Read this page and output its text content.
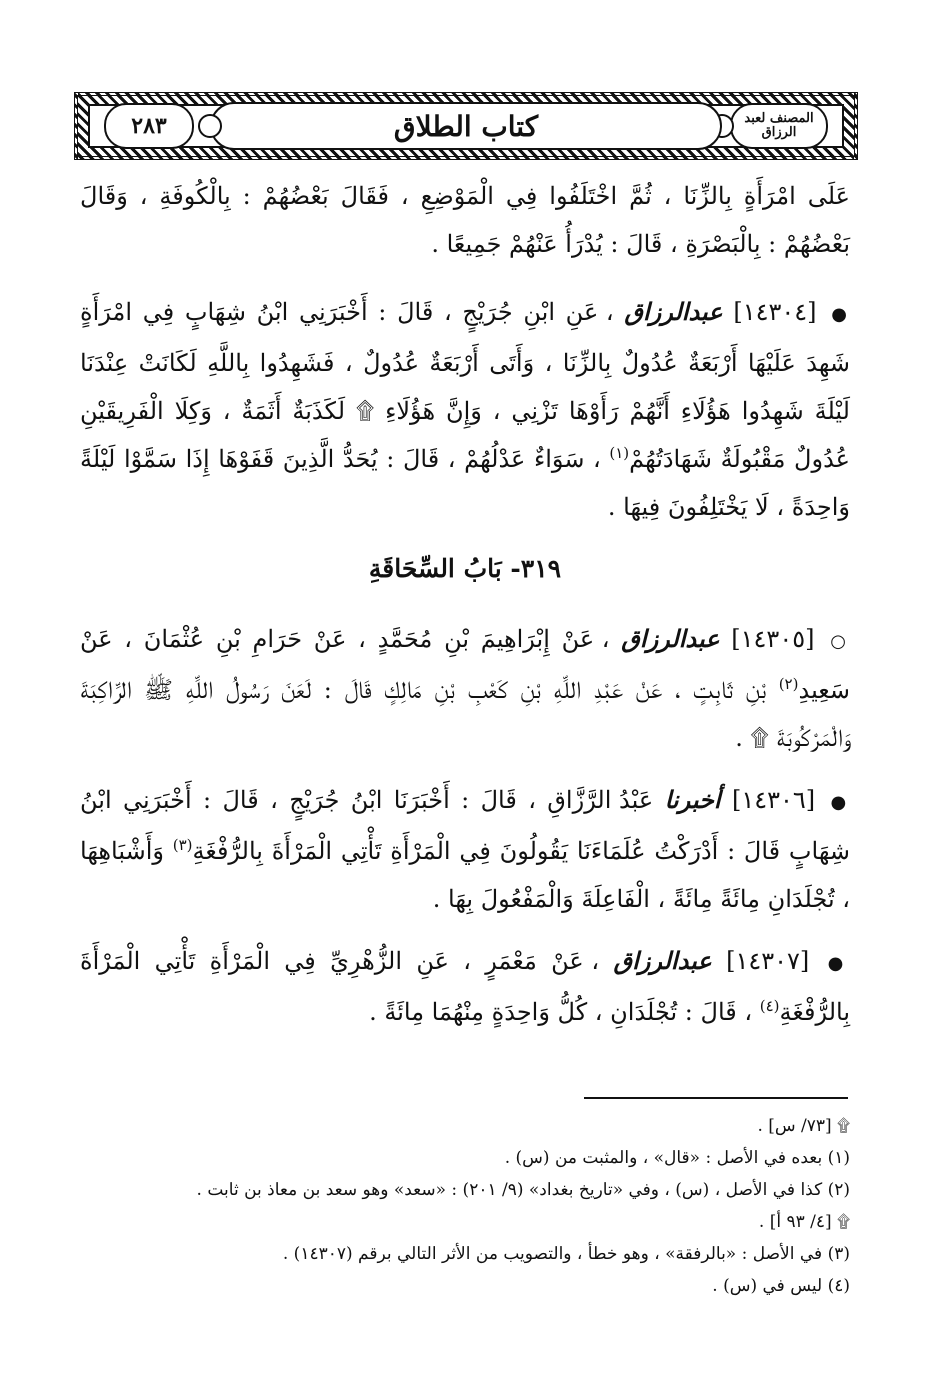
المصنف لعبد الرزاق
كتاب الطلاق
٢٨٣

عَلَى امْرَأَةٍ بِالزِّنَا ، ثُمَّ اخْتَلَفُوا فِي الْمَوْضِعِ ، فَقَالَ بَعْضُهُمْ : بِالْكُوفَةِ ، وَقَالَ بَعْضُهُمْ : بِالْبَصْرَةِ ، قَالَ : يُدْرَأُ عَنْهُمْ جَمِيعًا .

● [١٤٣٠٤] عبدالرزاق ، عَنِ ابْنِ جُرَيْجٍ ، قَالَ : أَخْبَرَنِي ابْنُ شِهَابٍ فِي امْرَأَةٍ شَهِدَ عَلَيْهَا أَرْبَعَةٌ عُدُولٌ بِالزِّنَا ، وَأَتَى أَرْبَعَةٌ عُدُولٌ ، فَشَهِدُوا بِاللَّهِ لَكَانَتْ عِنْدَنَا لَيْلَةَ شَهِدُوا هَؤُلَاءِ أَنَّهُمْ رَأَوْهَا تَزْنِي ، وَإِنَّ هَؤُلَاءِ ۩ لَكَذَبَةٌ أَثَمَةٌ ، وَكِلَا الْفَرِيقَيْنِ عُدُولٌ مَقْبُولَةٌ شَهَادَتُهُمْ$^{(١)}$ ، سَوَاءٌ عَدْلُهُمْ ، قَالَ : يُحَدُّ الَّذِينَ قَفَوْهَا إِذَا سَمَّوْا لَيْلَةً وَاحِدَةً ، لَا يَخْتَلِفُونَ فِيهَا .

٣١٩- بَابُ السِّحَاقَةِ

○ [١٤٣٠٥] عبدالرزاق ، عَنْ إِبْرَاهِيمَ بْنِ مُحَمَّدٍ ، عَنْ حَرَامِ بْنِ عُثْمَانَ ، عَنْ سَعِيدِ$^{(٢)}$ بْنِ ثَابِتٍ ، عَنْ عَبْدِ اللَّهِ بْنِ كَعْبِ بْنِ مَالِكٍ قَالَ : لَعَنَ رَسُولُ اللَّهِ ﷺ الرَّاكِبَةَ وَالْمَرْكُوبَةَ ۩ .

● [١٤٣٠٦] أخبرنا عَبْدُ الرَّزَّاقِ ، قَالَ : أَخْبَرَنَا ابْنُ جُرَيْجٍ ، قَالَ : أَخْبَرَنِي ابْنُ شِهَابٍ قَالَ : أَدْرَكْتُ عُلَمَاءَنَا يَقُولُونَ فِي الْمَرْأَةِ تَأْتِي الْمَرْأَةَ بِالرُّفْغَةِ$^{(٣)}$ وَأَشْبَاهِهَا ، تُجْلَدَانِ مِائَةً مِائَةً ، الْفَاعِلَةَ وَالْمَفْعُولَ بِهَا .

● [١٤٣٠٧] عبدالرزاق ، عَنْ مَعْمَرٍ ، عَنِ الزُّهْرِيِّ فِي الْمَرْأَةِ تَأْتِي الْمَرْأَةَ بِالرُّفْغَةِ$^{(٤)}$ ، قَالَ : تُجْلَدَانِ ، كُلُّ وَاحِدَةٍ مِنْهُمَا مِائَةً .

۩ [٧٣/ س] .
(١) بعده في الأصل : «قال» ، والمثبت من (س) .
(٢) كذا في الأصل ، (س) ، وفي «تاريخ بغداد» (٩/ ٢٠١) : «سعد» وهو سعد بن معاذ بن ثابت .
۩ [٤/ ٩٣ أ] .
(٣) في الأصل : «بالرفقة» ، وهو خطأ ، والتصويب من الأثر التالي برقم (١٤٣٠٧) .
(٤) ليس في (س) .
